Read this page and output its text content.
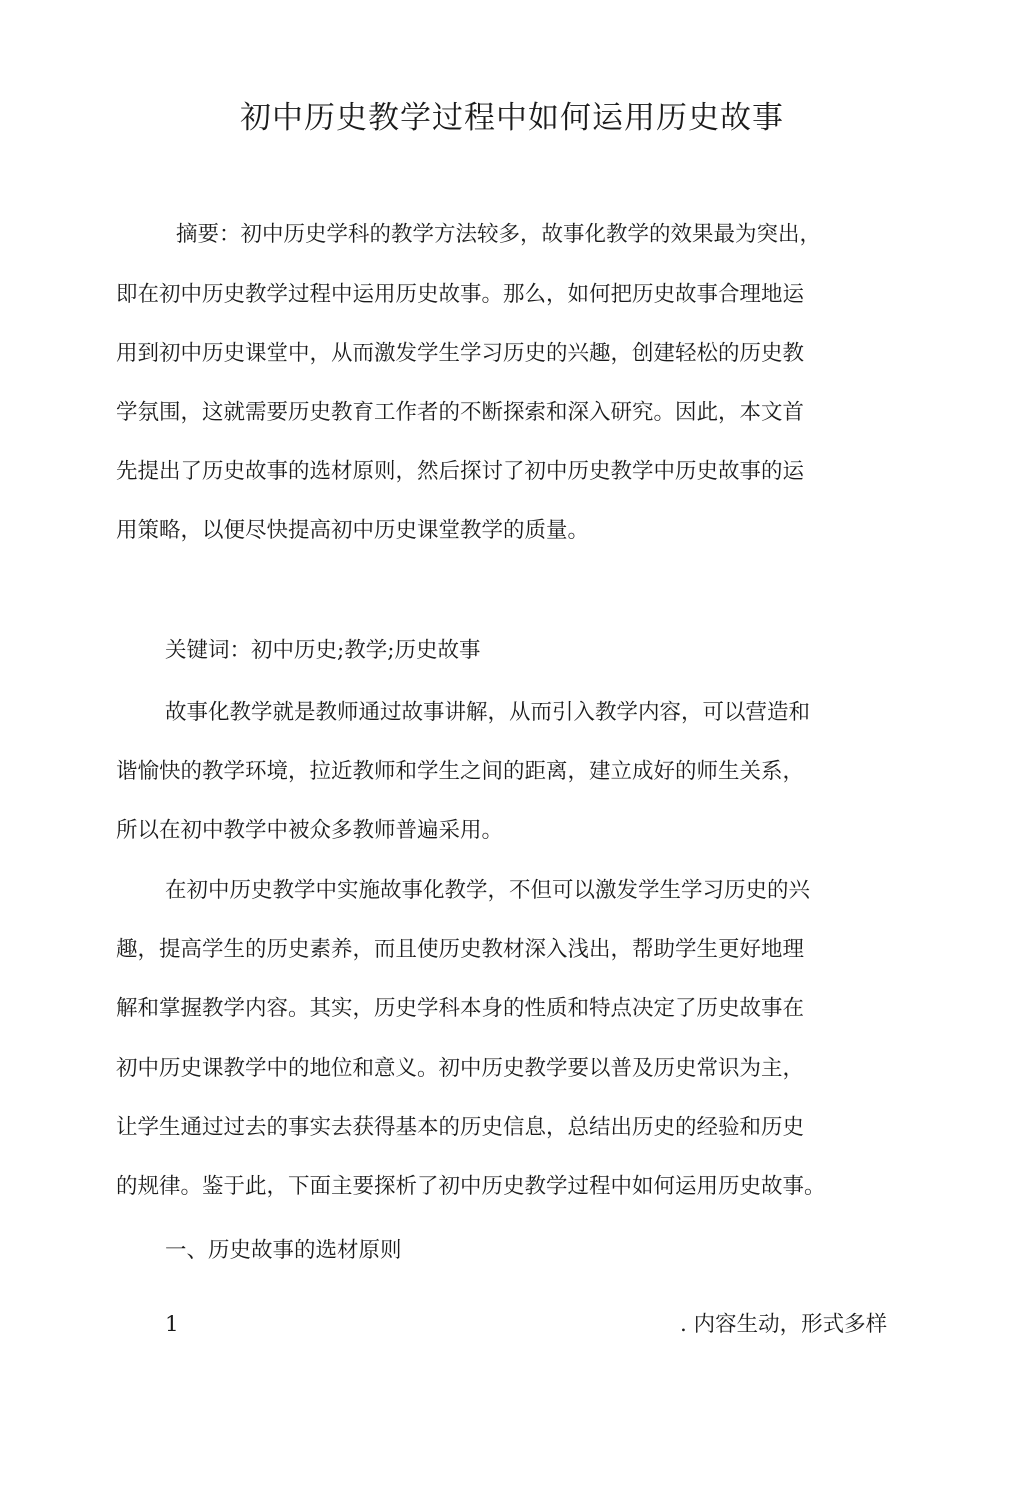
初中历史教学过程中如何运用历史故事

摘要：初中历史学科的教学方法较多，故事化教学的效果最为突出，

即在初中历史教学过程中运用历史故事。那么，如何把历史故事合理地运

用到初中历史课堂中，从而激发学生学习历史的兴趣，创建轻松的历史教

学氛围，这就需要历史教育工作者的不断探索和深入研究。因此，本文首

先提出了历史故事的选材原则，然后探讨了初中历史教学中历史故事的运

用策略，以便尽快提高初中历史课堂教学的质量。

关键词：初中历史;教学;历史故事

故事化教学就是教师通过故事讲解，从而引入教学内容，可以营造和

谐愉快的教学环境，拉近教师和学生之间的距离，建立成好的师生关系，

所以在初中教学中被众多教师普遍采用。

在初中历史教学中实施故事化教学，不但可以激发学生学习历史的兴

趣，提高学生的历史素养，而且使历史教材深入浅出，帮助学生更好地理

解和掌握教学内容。其实，历史学科本身的性质和特点决定了历史故事在

初中历史课教学中的地位和意义。初中历史教学要以普及历史常识为主，

让学生通过过去的事实去获得基本的历史信息，总结出历史的经验和历史

的规律。鉴于此，下面主要探析了初中历史教学过程中如何运用历史故事。

一、历史故事的选材原则

1	. 内容生动，形式多样
